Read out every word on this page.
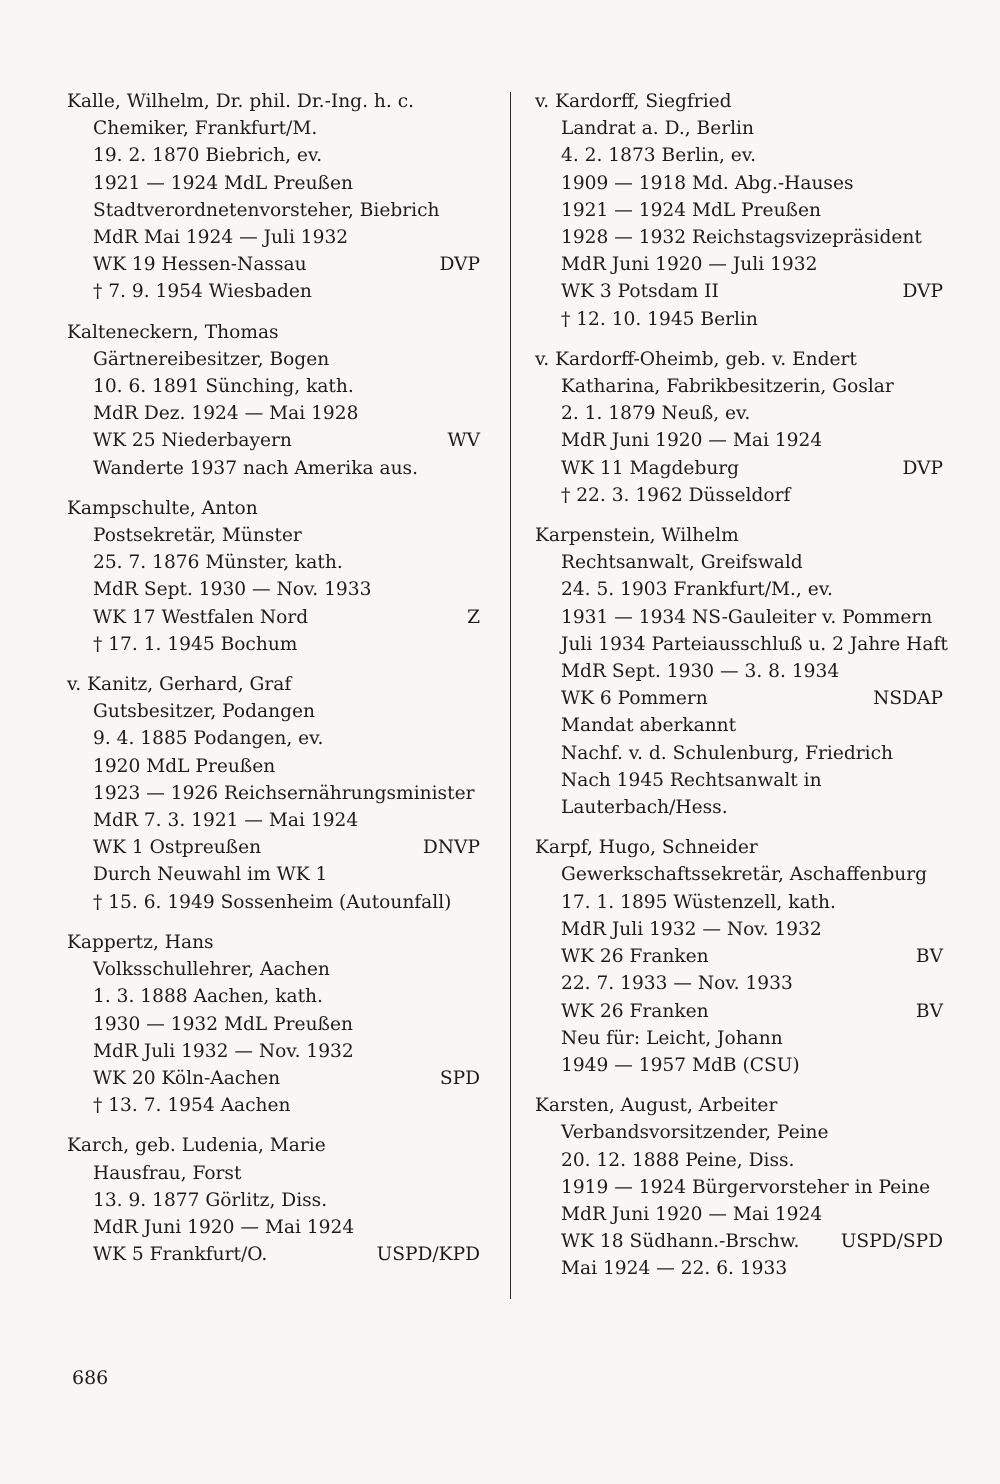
Kalle, Wilhelm, Dr. phil. Dr.-Ing. h. c.
Chemiker, Frankfurt/M.
19. 2. 1870 Biebrich, ev.
1921 — 1924 MdL Preußen
Stadtverordnetenvorsteher, Biebrich
MdR Mai 1924 — Juli 1932
WK 19 Hessen-Nassau	DVP
† 7. 9. 1954 Wiesbaden
Kalteneckern, Thomas
Gärtnereibesitzer, Bogen
10. 6. 1891 Sünching, kath.
MdR Dez. 1924 — Mai 1928
WK 25 Niederbayern	WV
Wanderte 1937 nach Amerika aus.
Kampschulte, Anton
Postsekretär, Münster
25. 7. 1876 Münster, kath.
MdR Sept. 1930 — Nov. 1933
WK 17 Westfalen Nord	Z
† 17. 1. 1945 Bochum
v. Kanitz, Gerhard, Graf
Gutsbesitzer, Podangen
9. 4. 1885 Podangen, ev.
1920 MdL Preußen
1923 — 1926 Reichsernährungsminister
MdR 7. 3. 1921 — Mai 1924
WK 1 Ostpreußen	DNVP
Durch Neuwahl im WK 1
† 15. 6. 1949 Sossenheim (Autounfall)
Kappertz, Hans
Volksschullehrer, Aachen
1. 3. 1888 Aachen, kath.
1930 — 1932 MdL Preußen
MdR Juli 1932 — Nov. 1932
WK 20 Köln-Aachen	SPD
† 13. 7. 1954 Aachen
Karch, geb. Ludenia, Marie
Hausfrau, Forst
13. 9. 1877 Görlitz, Diss.
MdR Juni 1920 — Mai 1924
WK 5 Frankfurt/O.	USPD/KPD
v. Kardorff, Siegfried
Landrat a. D., Berlin
4. 2. 1873 Berlin, ev.
1909 — 1918 Md. Abg.-Hauses
1921 — 1924 MdL Preußen
1928 — 1932 Reichstagsvizepräsident
MdR Juni 1920 — Juli 1932
WK 3 Potsdam II	DVP
† 12. 10. 1945 Berlin
v. Kardorff-Oheimb, geb. v. Endert
Katharina, Fabrikbesitzerin, Goslar
2. 1. 1879 Neuß, ev.
MdR Juni 1920 — Mai 1924
WK 11 Magdeburg	DVP
† 22. 3. 1962 Düsseldorf
Karpenstein, Wilhelm
Rechtsanwalt, Greifswald
24. 5. 1903 Frankfurt/M., ev.
1931 — 1934 NS-Gauleiter v. Pommern
Juli 1934 Parteiausschluß u. 2 Jahre Haft
MdR Sept. 1930 — 3. 8. 1934
WK 6 Pommern	NSDAP
Mandat aberkannt
Nachf. v. d. Schulenburg, Friedrich
Nach 1945 Rechtsanwalt in
Lauterbach/Hess.
Karpf, Hugo, Schneider
Gewerkschaftssekretär, Aschaffenburg
17. 1. 1895 Wüstenzell, kath.
MdR Juli 1932 — Nov. 1932
WK 26 Franken	BV
22. 7. 1933 — Nov. 1933
WK 26 Franken	BV
Neu für: Leicht, Johann
1949 — 1957 MdB (CSU)
Karsten, August, Arbeiter
Verbandsvorsitzender, Peine
20. 12. 1888 Peine, Diss.
1919 — 1924 Bürgervorsteher in Peine
MdR Juni 1920 — Mai 1924
WK 18 Südhann.-Brschw.	USPD/SPD
Mai 1924 — 22. 6. 1933
686
